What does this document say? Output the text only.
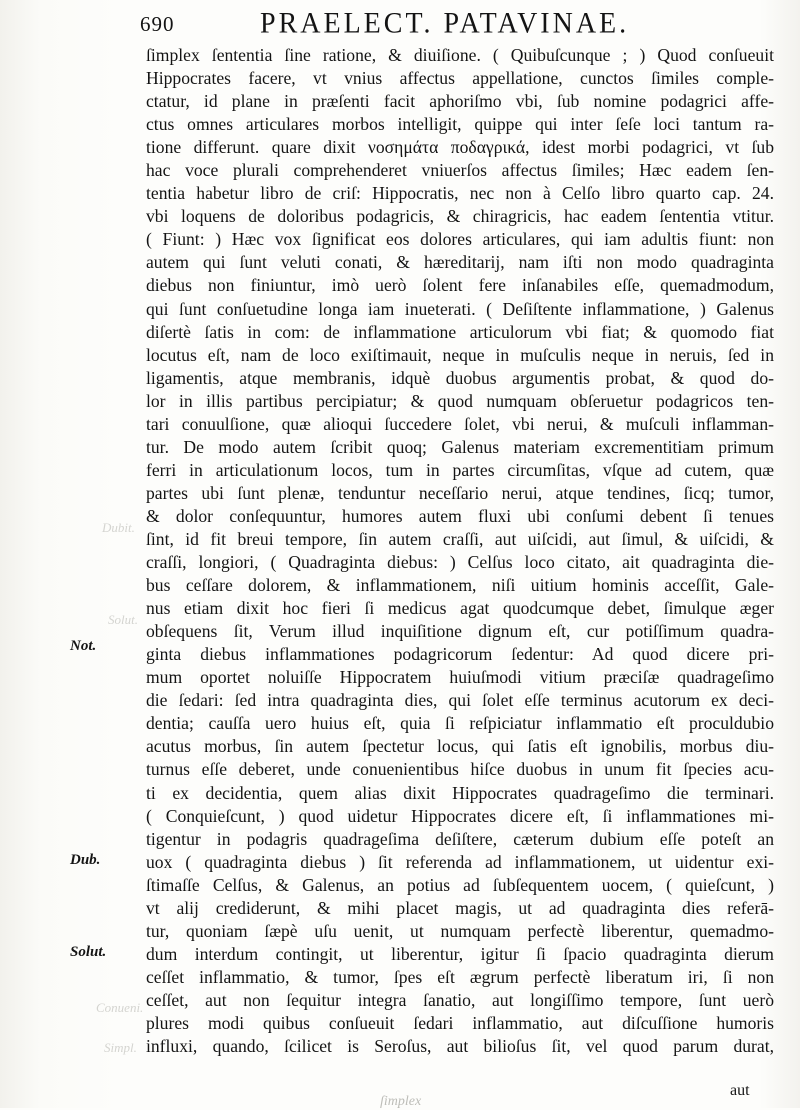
690	PRAELECT. PATAVINAE.
ſimplex ſententia ſine ratione, & diuiſione. ( Quibuſcunque ; ) Quod conſueuit
Hippocrates facere, vt vnius affectus appellatione, cunctos ſimiles comple-
ctatur, id plane in præſenti facit aphoriſmo vbi, ſub nomine podagrici affe-
ctus omnes articulares morbos intelligit, quippe qui inter ſeſe loci tantum ra-
tione differunt. quare dixit νοσημάτα ποδαγρικά, idest morbi podagrici, vt ſub
hac voce plurali comprehenderet vniuerſos affectus ſimiles; Hæc eadem ſen-
tentia habetur libro de criſ: Hippocratis, nec non à Celſo libro quarto cap. 24.
vbi loquens de doloribus podagricis, & chiragricis, hac eadem ſententia vtitur.
( Fiunt: ) Hæc vox ſignificat eos dolores articulares, qui iam adultis fiunt: non
autem qui ſunt veluti conati, & hæreditarij, nam iſti non modo quadraginta
diebus non finiuntur, imò uerò ſolent fere inſanabiles eſſe, quemadmodum,
qui ſunt conſuetudine longa iam inueterati. ( Deſiſtente inflammatione, ) Galenus
diſertè ſatis in com: de inflammatione articulorum vbi fiat; & quomodo fiat
locutus eſt, nam de loco exiſtimauit, neque in muſculis neque in neruis, ſed in
ligamentis, atque membranis, idquè duobus argumentis probat, & quod do-
lor in illis partibus percipiatur; & quod numquam obſeruetur podagricos ten-
tari conuulſione, quæ alioqui ſuccedere ſolet, vbi nerui, & muſculi inflamman-
tur. De modo autem ſcribit quoq; Galenus materiam excrementitiam primum
ferri in articulationum locos, tum in partes circumſitas, vſque ad cutem, quæ
partes ubi ſunt plenæ, tenduntur neceſſario nerui, atque tendines, ſicq; tumor,
& dolor conſequuntur, humores autem fluxi ubi conſumi debent ſi tenues
ſint, id fit breui tempore, ſin autem craſſi, aut uiſcidi, aut ſimul, & uiſcidi, &
craſſi, longiori, ( Quadraginta diebus: ) Celſus loco citato, ait quadraginta die-
bus ceſſare dolorem, & inflammationem, niſi uitium hominis acceſſit, Gale-
nus etiam dixit hoc fieri ſi medicus agat quodcumque debet, ſimulque æger
obſequens ſit, Verum illud inquiſitione dignum eſt, cur potiſſimum quadra-
ginta diebus inflammationes podagricorum ſedentur: Ad quod dicere pri-
mum oportet noluiſſe Hippocratem huiuſmodi vitium præciſæ quadrageſimo
die ſedari: ſed intra quadraginta dies, qui ſolet eſſe terminus acutorum ex deci-
dentia; cauſſa uero huius eſt, quia ſi reſpiciatur inflammatio eſt proculdubio
acutus morbus, ſin autem ſpectetur locus, qui ſatis eſt ignobilis, morbus diu-
turnus eſſe deberet, unde conuenientibus hiſce duobus in unum fit ſpecies acu-
ti ex decidentia, quem alias dixit Hippocrates quadrageſimo die terminari.
( Conquieſcunt, ) quod uidetur Hippocrates dicere eſt, ſi inflammationes mi-
tigentur in podagris quadrageſima deſiſtere, cæterum dubium eſſe poteſt an
uox ( quadraginta diebus ) ſit referenda ad inflammationem, ut uidentur exi-
ſtimaſſe Celſus, & Galenus, an potius ad ſubſequentem uocem, ( quieſcunt, )
vt alij crediderunt, & mihi placet magis, ut ad quadraginta dies referā-
tur, quoniam ſæpè uſu uenit, ut numquam perfectè liberentur, quemadmo-
dum interdum contingit, ut liberentur, igitur ſi ſpacio quadraginta dierum
ceſſet inflammatio, & tumor, ſpes eſt ægrum perfectè liberatum iri, ſi non
ceſſet, aut non ſequitur integra ſanatio, aut longiſſimo tempore, ſunt uerò
plures modi quibus conſueuit ſedari inflammatio, aut diſcuſſione humoris
influxi, quando, ſcilicet is Seroſus, aut bilioſus ſit, vel quod parum durat,
Not.
Dub.
Solut.
Dubit.
Solut.
Conueni.
Simpl.
aut
ſimplex
